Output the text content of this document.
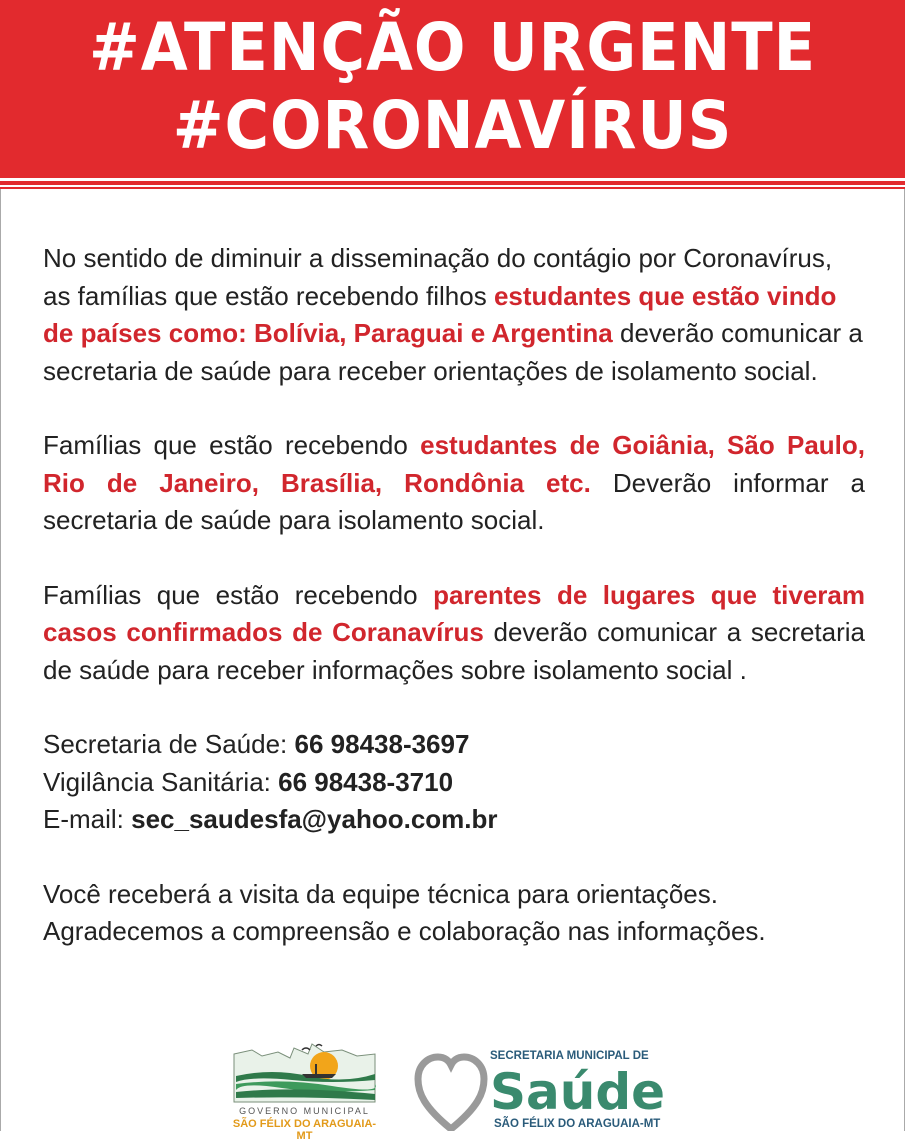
#ATENÇÃO URGENTE
#CORONAVÍRUS

No sentido de diminuir a disseminação do contágio por Coronavírus, as famílias que estão recebendo filhos estudantes que estão vindo de países como: Bolívia, Paraguai e Argentina deverão comunicar a secretaria de saúde para receber orientações de isolamento social.

Famílias que estão recebendo estudantes de Goiânia, São Paulo, Rio de Janeiro, Brasília, Rondônia etc. Deverão informar a secretaria de saúde para isolamento social.

Famílias que estão recebendo parentes de lugares que tiveram casos confirmados de Coranavírus deverão comunicar a secretaria de saúde para receber informações sobre isolamento social .

Secretaria de Saúde: 66 98438-3697
Vigilância Sanitária: 66 98438-3710
E-mail: sec_saudesfa@yahoo.com.br

Você receberá a visita da equipe técnica para orientações.
Agradecemos a compreensão e colaboração nas informações.

GOVERNO MUNICIPAL
SÃO FÉLIX DO ARAGUAIA-MT
SECRETARIA MUNICIPAL DE
Saúde
SÃO FÉLIX DO ARAGUAIA-MT
